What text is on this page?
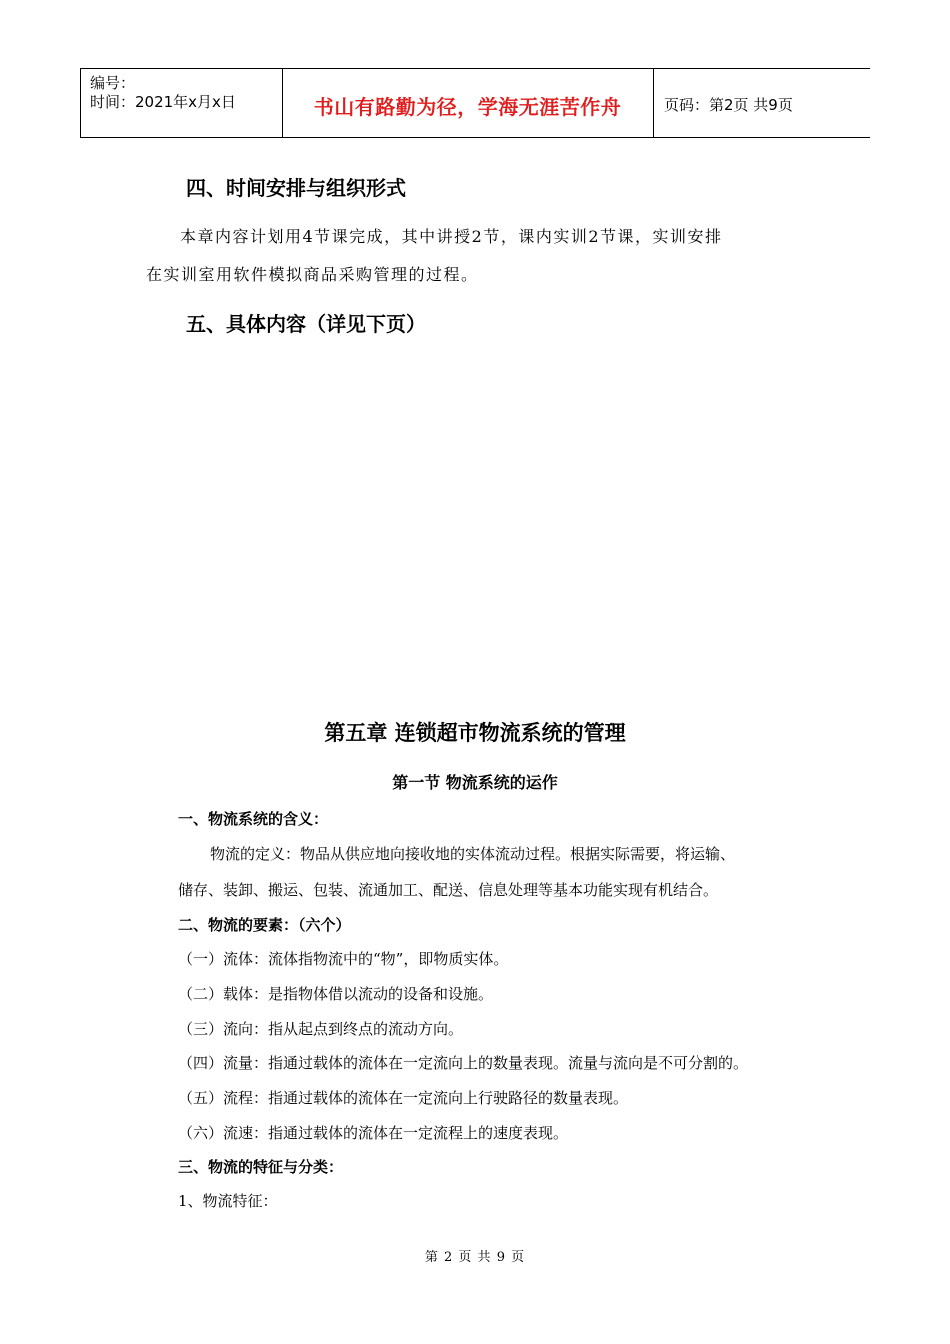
编号：
时间：2021年x月x日	书山有路勤为径，学海无涯苦作舟	页码：第2页 共9页
四、时间安排与组织形式
本章内容计划用4节课完成，其中讲授2节，课内实训2节课，实训安排
在实训室用软件模拟商品采购管理的过程。
五、具体内容（详见下页）
第五章 连锁超市物流系统的管理
第一节 物流系统的运作
一、物流系统的含义：
物流的定义：物品从供应地向接收地的实体流动过程。根据实际需要，将运输、
储存、装卸、搬运、包装、流通加工、配送、信息处理等基本功能实现有机结合。
二、物流的要素：（六个）
（一）流体：流体指物流中的“物”，即物质实体。
（二）载体：是指物体借以流动的设备和设施。
（三）流向：指从起点到终点的流动方向。
（四）流量：指通过载体的流体在一定流向上的数量表现。流量与流向是不可分割的。
（五）流程：指通过载体的流体在一定流向上行驶路径的数量表现。
（六）流速：指通过载体的流体在一定流程上的速度表现。
三、物流的特征与分类：
1、物流特征：
第 2 页 共 9 页
